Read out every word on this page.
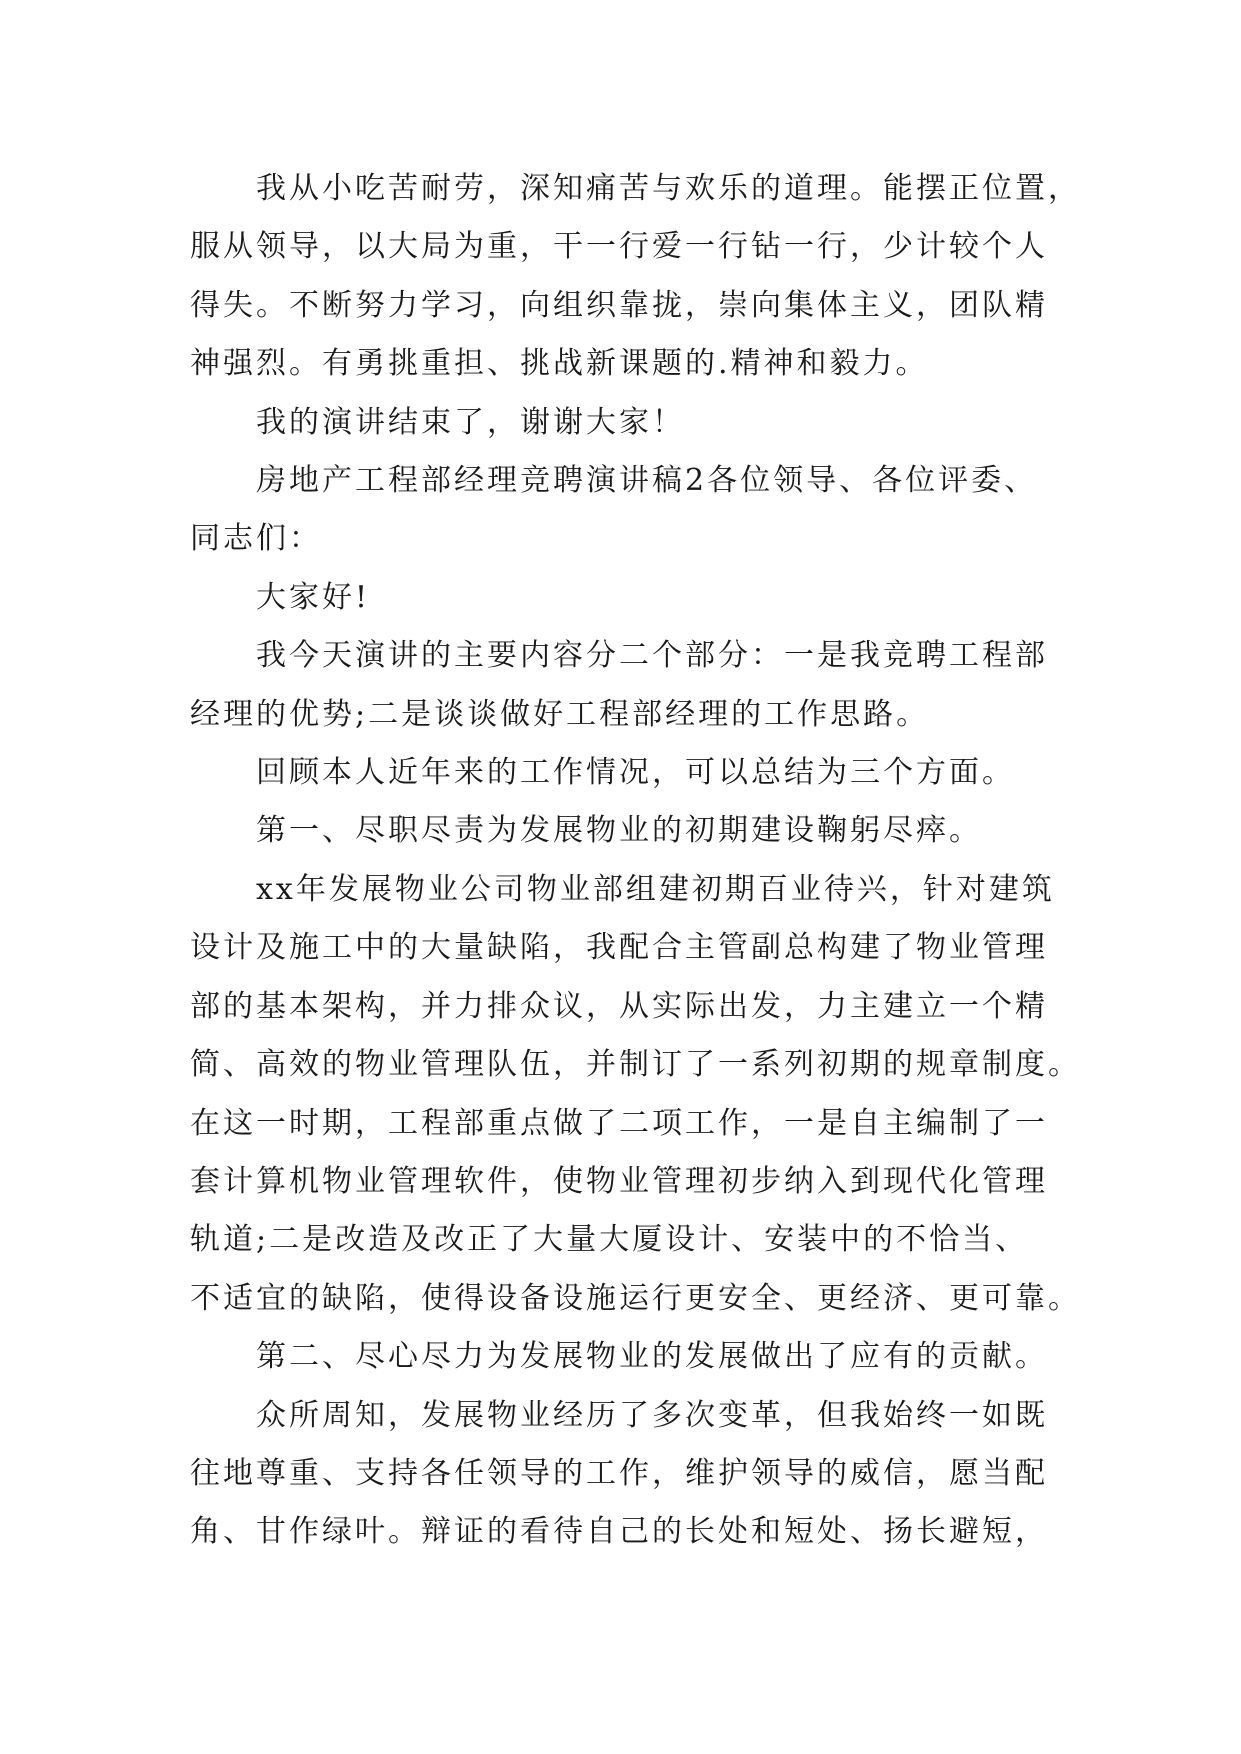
我从小吃苦耐劳，深知痛苦与欢乐的道理。能摆正位置，
服从领导，以大局为重，干一行爱一行钻一行，少计较个人
得失。不断努力学习，向组织靠拢，崇向集体主义，团队精
神强烈。有勇挑重担、挑战新课题的.精神和毅力。

我的演讲结束了，谢谢大家！

房地产工程部经理竞聘演讲稿2各位领导、各位评委、
同志们：

大家好!

我今天演讲的主要内容分二个部分：一是我竞聘工程部
经理的优势;二是谈谈做好工程部经理的工作思路。

回顾本人近年来的工作情况，可以总结为三个方面。

第一、尽职尽责为发展物业的初期建设鞠躬尽瘁。

xx年发展物业公司物业部组建初期百业待兴，针对建筑
设计及施工中的大量缺陷，我配合主管副总构建了物业管理
部的基本架构，并力排众议，从实际出发，力主建立一个精
简、高效的物业管理队伍，并制订了一系列初期的规章制度。
在这一时期，工程部重点做了二项工作，一是自主编制了一
套计算机物业管理软件，使物业管理初步纳入到现代化管理
轨道;二是改造及改正了大量大厦设计、安装中的不恰当、
不适宜的缺陷，使得设备设施运行更安全、更经济、更可靠。

第二、尽心尽力为发展物业的发展做出了应有的贡献。

众所周知，发展物业经历了多次变革，但我始终一如既
往地尊重、支持各任领导的工作，维护领导的威信，愿当配
角、甘作绿叶。辩证的看待自己的长处和短处、扬长避短，
